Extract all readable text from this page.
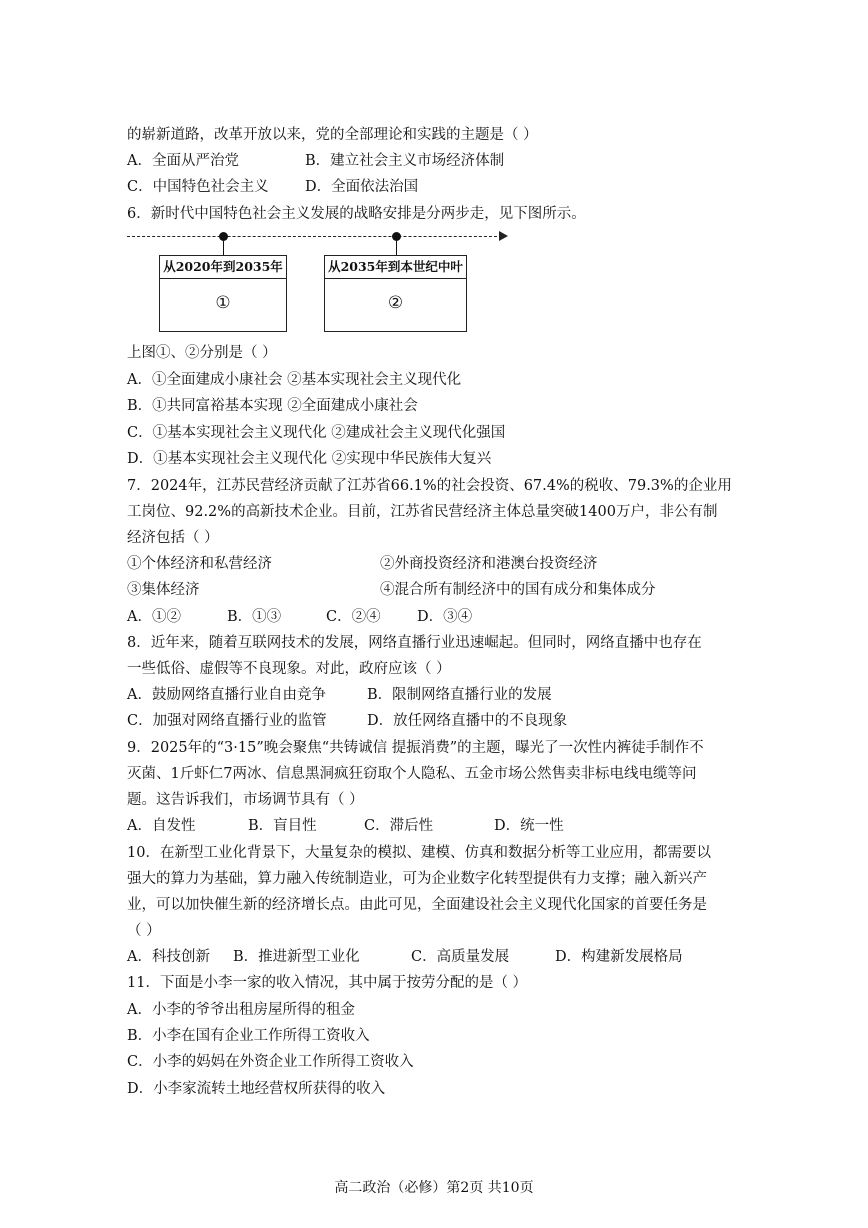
的崭新道路，改革开放以来，党的全部理论和实践的主题是（ ）
A．全面从严治党	B．建立社会主义市场经济体制
C．中国特色社会主义	D．全面依法治国
6．新时代中国特色社会主义发展的战略安排是分两步走，见下图所示。
从2020年到2035年
①
从2035年到本世纪中叶
②
上图①、②分别是（ ）
A．①全面建成小康社会 ②基本实现社会主义现代化
B．①共同富裕基本实现 ②全面建成小康社会
C．①基本实现社会主义现代化 ②建成社会主义现代化强国
D．①基本实现社会主义现代化 ②实现中华民族伟大复兴
7．2024年，江苏民营经济贡献了江苏省66.1%的社会投资、67.4%的税收、79.3%的企业用
工岗位、92.2%的高新技术企业。目前，江苏省民营经济主体总量突破1400万户，非公有制
经济包括（ ）
①个体经济和私营经济	②外商投资经济和港澳台投资经济
③集体经济	④混合所有制经济中的国有成分和集体成分
A．①②	B．①③	C．②④	D．③④
8．近年来，随着互联网技术的发展，网络直播行业迅速崛起。但同时，网络直播中也存在
一些低俗、虚假等不良现象。对此，政府应该（ ）
A．鼓励网络直播行业自由竞争	B．限制网络直播行业的发展
C．加强对网络直播行业的监管	D．放任网络直播中的不良现象
9．2025年的“3·15”晚会聚焦“共铸诚信 提振消费”的主题，曝光了一次性内裤徒手制作不
灭菌、1斤虾仁7两冰、信息黑洞疯狂窃取个人隐私、五金市场公然售卖非标电线电缆等问
题。这告诉我们，市场调节具有（ ）
A．自发性	B．盲目性	C．滞后性	D．统一性
10．在新型工业化背景下，大量复杂的模拟、建模、仿真和数据分析等工业应用，都需要以
强大的算力为基础，算力融入传统制造业，可为企业数字化转型提供有力支撑；融入新兴产
业，可以加快催生新的经济增长点。由此可见，全面建设社会主义现代化国家的首要任务是
（ ）
A．科技创新 B．推进新型工业化	C．高质量发展	D．构建新发展格局
11．下面是小李一家的收入情况，其中属于按劳分配的是（ ）
A．小李的爷爷出租房屋所得的租金
B．小李在国有企业工作所得工资收入
C．小李的妈妈在外资企业工作所得工资收入
D．小李家流转土地经营权所获得的收入
高二政治（必修）第2页 共10页
